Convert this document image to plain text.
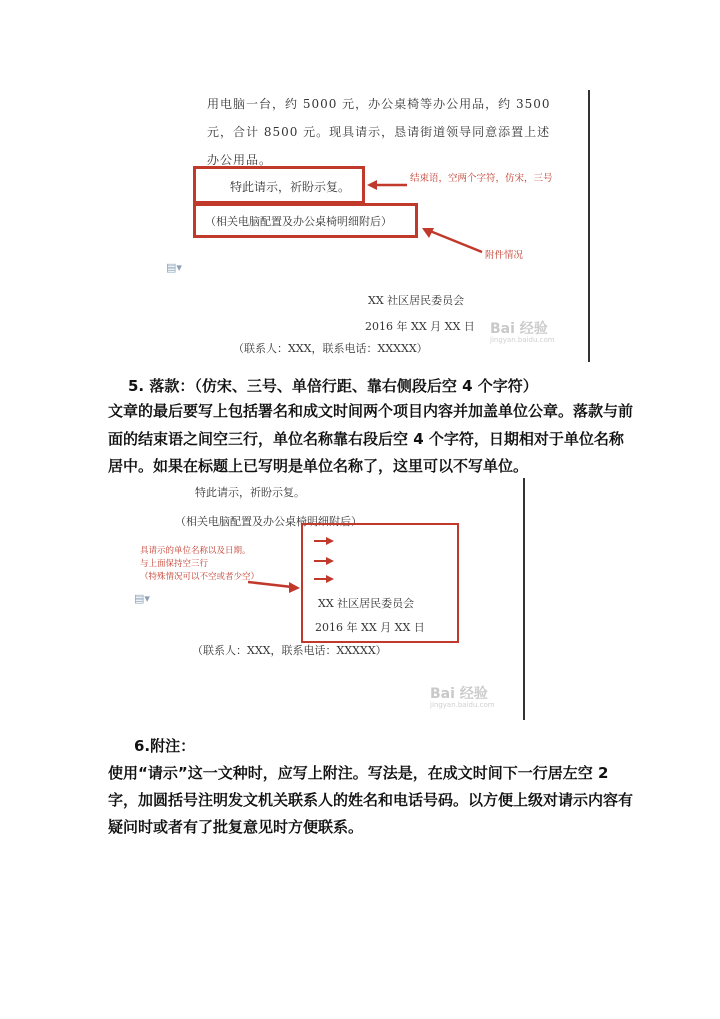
用电脑一台，约 5000 元，办公桌椅等办公用品，约 3500
元，合计 8500 元。现具请示，恳请街道领导同意添置上述
办公用品。
特此请示，祈盼示复。
结束语，空两个字符，仿宋，三号
（相关电脑配置及办公桌椅明细附后）
附件情况
▤▾
XX 社区居民委员会
2016 年 XX 月 XX 日 Bai 经验
jingyan.baidu.com
（联系人：XXX，联系电话：XXXXX）
5. 落款：（仿宋、三号、单倍行距、靠右侧段后空 4 个字符）
文章的最后要写上包括署名和成文时间两个项目内容并加盖单位公章。落款与前
面的结束语之间空三行，单位名称靠右段后空 4 个字符，日期相对于单位名称
居中。如果在标题上已写明是单位名称了，这里可以不写单位。
特此请示，祈盼示复。
（相关电脑配置及办公桌椅明细附后）
具请示的单位名称以及日期。
与上面保持空三行
（特殊情况可以不空或者少空）
▤▾	XX 社区居民委员会
2016 年 XX 月 XX 日
（联系人：XXX，联系电话：XXXXX）
Bai 经验
jingyan.baidu.com
6.附注：
使用“请示”这一文种时，应写上附注。写法是，在成文时间下一行居左空 2
字，加圆括号注明发文机关联系人的姓名和电话号码。以方便上级对请示内容有
疑问时或者有了批复意见时方便联系。
